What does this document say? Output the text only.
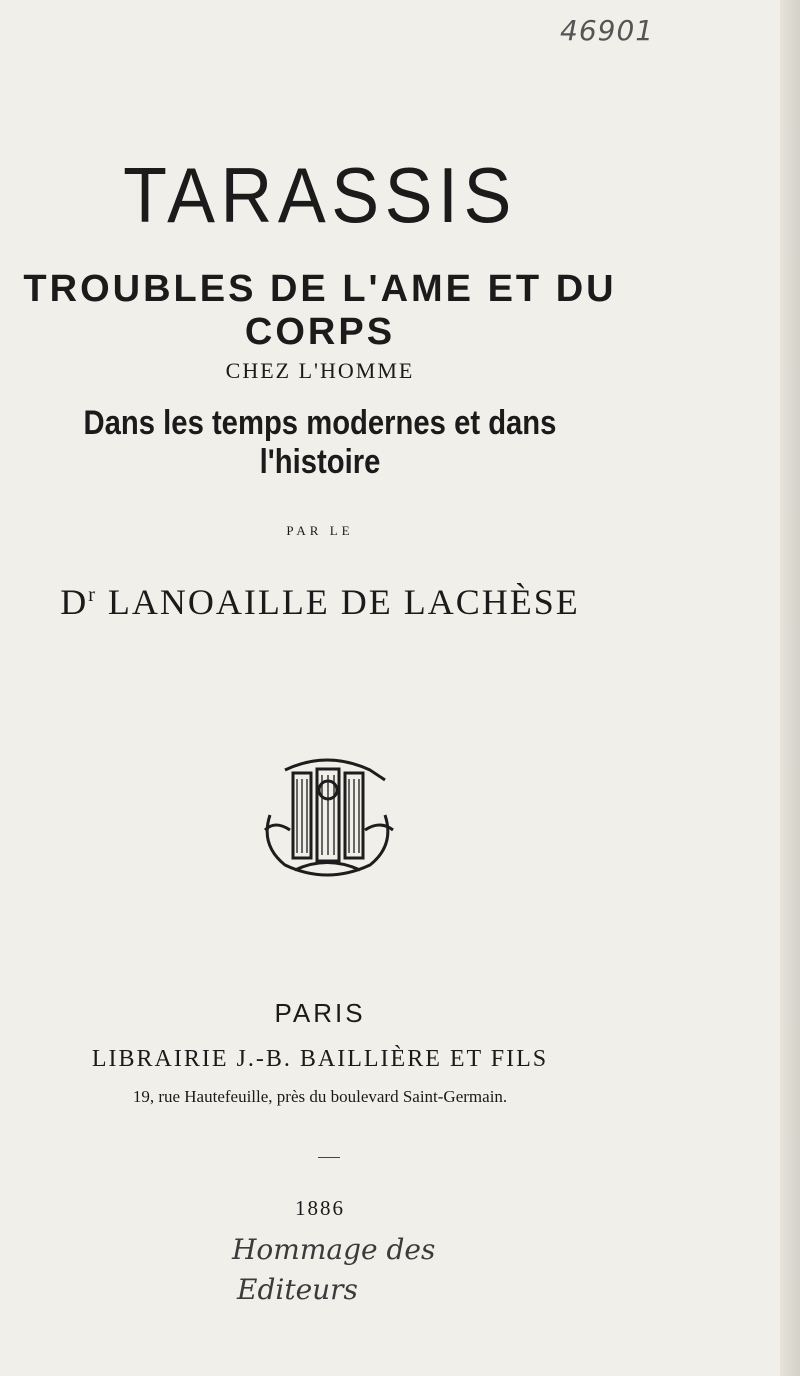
46901
TARASSIS
TROUBLES DE L'AME ET DU CORPS
CHEZ L'HOMME
Dans les temps modernes et dans l'histoire
PAR LE
$D^r$ LANOAILLE DE LACHÈSE
PARIS
LIBRAIRIE J.-B. BAILLIÈRE ET FILS
19, rue Hautefeuille, près du boulevard Saint-Germain.
1886
Hommage des
Editeurs
